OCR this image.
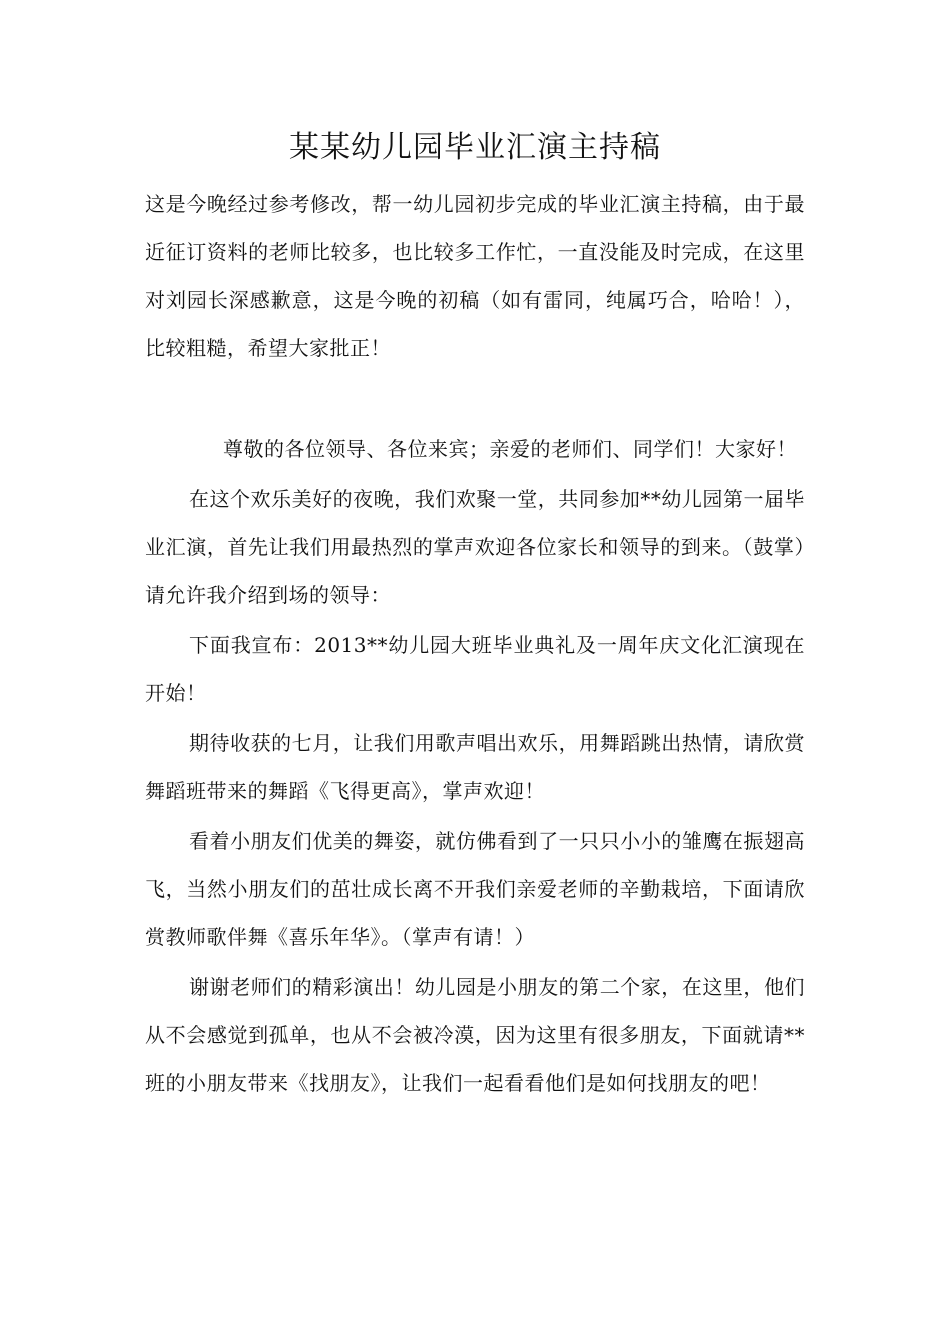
某某幼儿园毕业汇演主持稿

这是今晚经过参考修改，帮一幼儿园初步完成的毕业汇演主持稿，由于最近征订资料的老师比较多，也比较多工作忙，一直没能及时完成，在这里对刘园长深感歉意，这是今晚的初稿（如有雷同，纯属巧合，哈哈！），比较粗糙，希望大家批正！

尊敬的各位领导、各位来宾；亲爱的老师们、同学们！大家好！

在这个欢乐美好的夜晚，我们欢聚一堂，共同参加**幼儿园第一届毕业汇演，首先让我们用最热烈的掌声欢迎各位家长和领导的到来。（鼓掌）请允许我介绍到场的领导：

下面我宣布：2013**幼儿园大班毕业典礼及一周年庆文化汇演现在开始！

期待收获的七月，让我们用歌声唱出欢乐，用舞蹈跳出热情，请欣赏舞蹈班带来的舞蹈《飞得更高》，掌声欢迎！

看着小朋友们优美的舞姿，就仿佛看到了一只只小小的雏鹰在振翅高飞，当然小朋友们的茁壮成长离不开我们亲爱老师的辛勤栽培，下面请欣赏教师歌伴舞《喜乐年华》。（掌声有请！）

谢谢老师们的精彩演出！幼儿园是小朋友的第二个家，在这里，他们从不会感觉到孤单，也从不会被冷漠，因为这里有很多朋友，下面就请**班的小朋友带来《找朋友》，让我们一起看看他们是如何找朋友的吧！
